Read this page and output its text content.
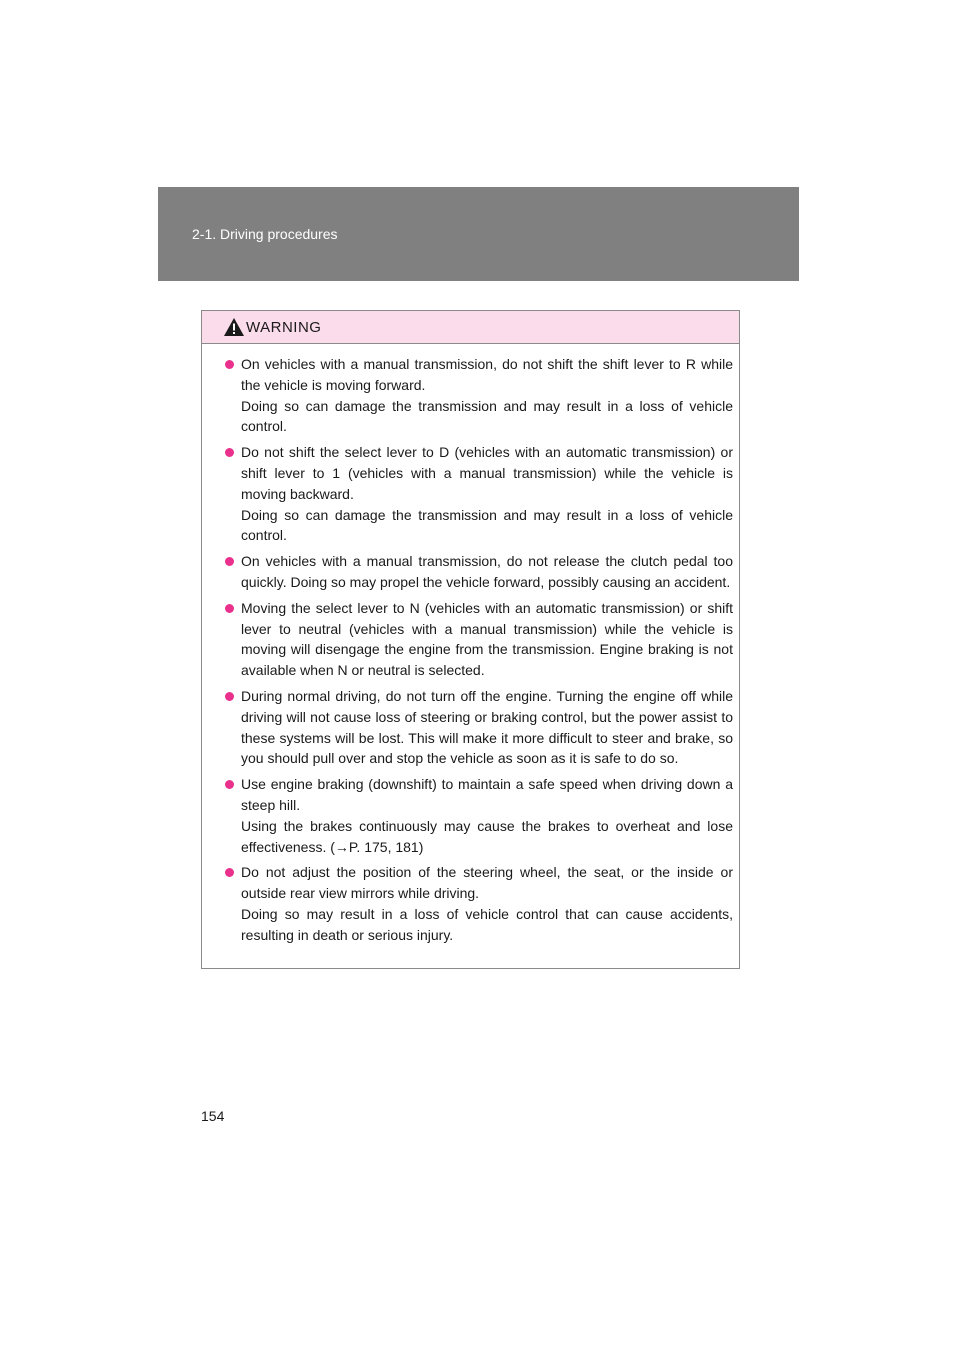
2-1. Driving procedures
WARNING
On vehicles with a manual transmission, do not shift the shift lever to R while the vehicle is moving forward.
Doing so can damage the transmission and may result in a loss of vehicle control.
Do not shift the select lever to D (vehicles with an automatic transmission) or shift lever to 1 (vehicles with a manual transmission) while the vehicle is moving backward.
Doing so can damage the transmission and may result in a loss of vehicle control.
On vehicles with a manual transmission, do not release the clutch pedal too quickly. Doing so may propel the vehicle forward, possibly causing an accident.
Moving the select lever to N (vehicles with an automatic transmission) or shift lever to neutral (vehicles with a manual transmission) while the vehicle is moving will disengage the engine from the transmission. Engine braking is not available when N or neutral is selected.
During normal driving, do not turn off the engine. Turning the engine off while driving will not cause loss of steering or braking control, but the power assist to these systems will be lost. This will make it more difficult to steer and brake, so you should pull over and stop the vehicle as soon as it is safe to do so.
Use engine braking (downshift) to maintain a safe speed when driving down a steep hill.
Using the brakes continuously may cause the brakes to overheat and lose effectiveness. (→P. 175, 181)
Do not adjust the position of the steering wheel, the seat, or the inside or outside rear view mirrors while driving.
Doing so may result in a loss of vehicle control that can cause accidents, resulting in death or serious injury.
154
